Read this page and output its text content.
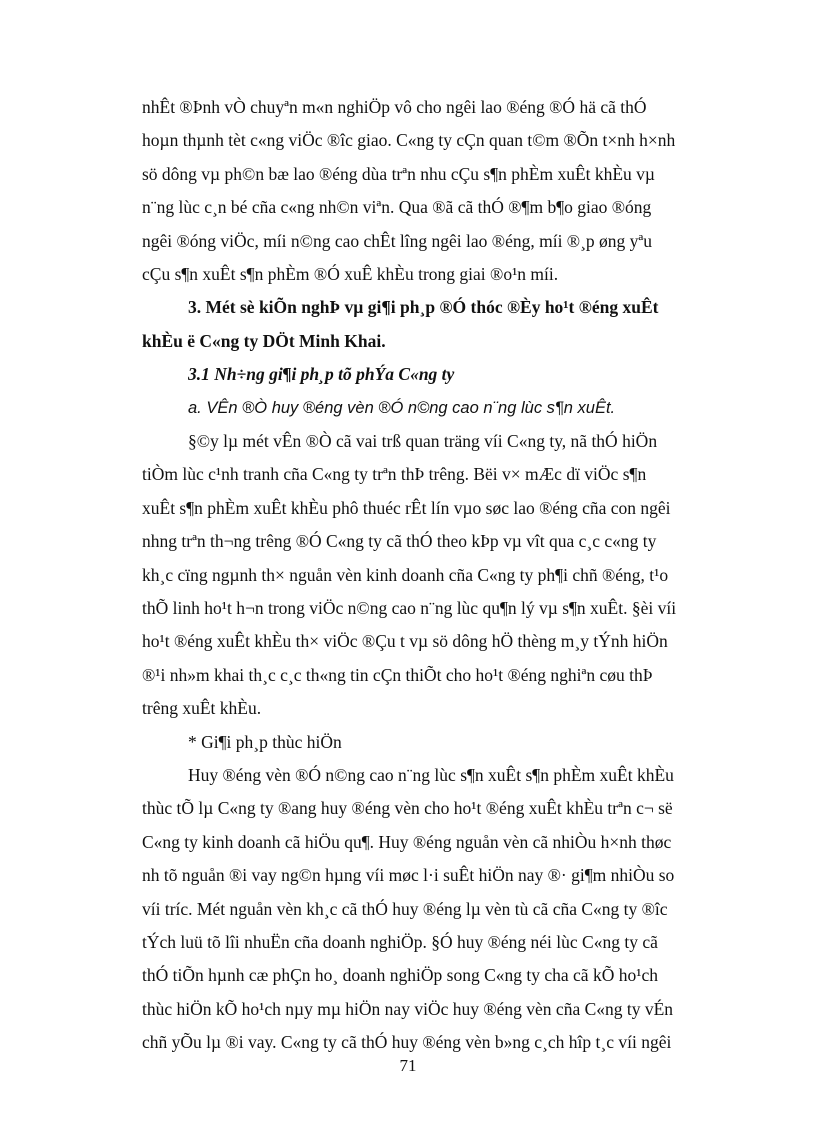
nhÊt ®Þnh vÒ chuyªn m«n nghiÖp vô cho ngêi lao ®éng ®Ó hä cã thÓ
hoµn thµnh tèt c«ng viÖc ®îc giao. C«ng ty cÇn quan t©m ®Õn t×nh h×nh
sö dông vµ ph©n bæ lao ®éng dùa trªn nhu cÇu s¶n phÈm xuÊt khÈu vµ
n¨ng lùc c¸n bé cña c«ng nh©n viªn. Qua ®ã cã thÓ ®¶m b¶o giao ®óng
ngêi ®óng viÖc, míi n©ng cao chÊt lîng ngêi lao ®éng, míi ®¸p øng yªu
cÇu s¶n xuÊt s¶n phÈm ®Ó xuÊ khÈu trong giai ®o¹n míi.
3. Mét sè kiÕn nghÞ vµ gi¶i ph¸p ®Ó thóc ®Èy ho¹t ®éng xuÊt
khÈu ë C«ng ty DÖt Minh Khai.
3.1 Nh÷ng gi¶i ph¸p tõ phÝa C«ng ty
a. VÊn ®Ò huy ®éng vèn ®Ó n©ng cao n¨ng lùc s¶n xuÊt.
§©y lµ mét vÊn ®Ò cã vai trß quan träng víi C«ng ty, nã thÓ hiÖn
tiÒm lùc c¹nh tranh cña C«ng ty trªn thÞ trêng. Bëi v× mÆc dï viÖc s¶n
xuÊt s¶n phÈm xuÊt khÈu phô thuéc rÊt lín vµo søc lao ®éng cña con ngêi
nhng trªn th¬ng trêng ®Ó C«ng ty cã thÓ theo kÞp vµ vît qua c¸c c«ng ty
kh¸c cïng ngµnh th× nguån vèn kinh doanh cña C«ng ty ph¶i chñ ®éng, t¹o
thÕ linh ho¹t h¬n trong viÖc n©ng cao n¨ng lùc qu¶n lý vµ s¶n xuÊt. §èi víi
ho¹t ®éng xuÊt khÈu th× viÖc ®Çu t vµ sö dông hÖ thèng m¸y tÝnh hiÖn
®¹i nh»m khai th¸c c¸c th«ng tin cÇn thiÕt cho ho¹t ®éng nghiªn cøu thÞ
trêng xuÊt khÈu.
* Gi¶i ph¸p thùc hiÖn
Huy ®éng vèn ®Ó n©ng cao n¨ng lùc s¶n xuÊt s¶n phÈm xuÊt khÈu
thùc tÕ lµ C«ng ty ®ang huy ®éng vèn cho ho¹t ®éng xuÊt khÈu trªn c¬ së
C«ng ty kinh doanh cã hiÖu qu¶. Huy ®éng nguån vèn cã nhiÒu h×nh thøc
nh tõ nguån ®i vay ng©n hµng víi møc l·i suÊt hiÖn nay ®· gi¶m nhiÒu so
víi tríc. Mét nguån vèn kh¸c cã thÓ huy ®éng lµ vèn tù cã cña C«ng ty ®îc
tÝch luü tõ lîi nhuËn cña doanh nghiÖp. §Ó huy ®éng néi lùc C«ng ty cã
thÓ tiÕn hµnh cæ phÇn ho¸ doanh nghiÖp song C«ng ty cha cã kÕ ho¹ch
thùc hiÖn kÕ ho¹ch nµy mµ hiÖn nay viÖc huy ®éng vèn cña C«ng ty vÉn
chñ yÕu lµ ®i vay. C«ng ty cã thÓ huy ®éng vèn b»ng c¸ch hîp t¸c víi ngêi
71
